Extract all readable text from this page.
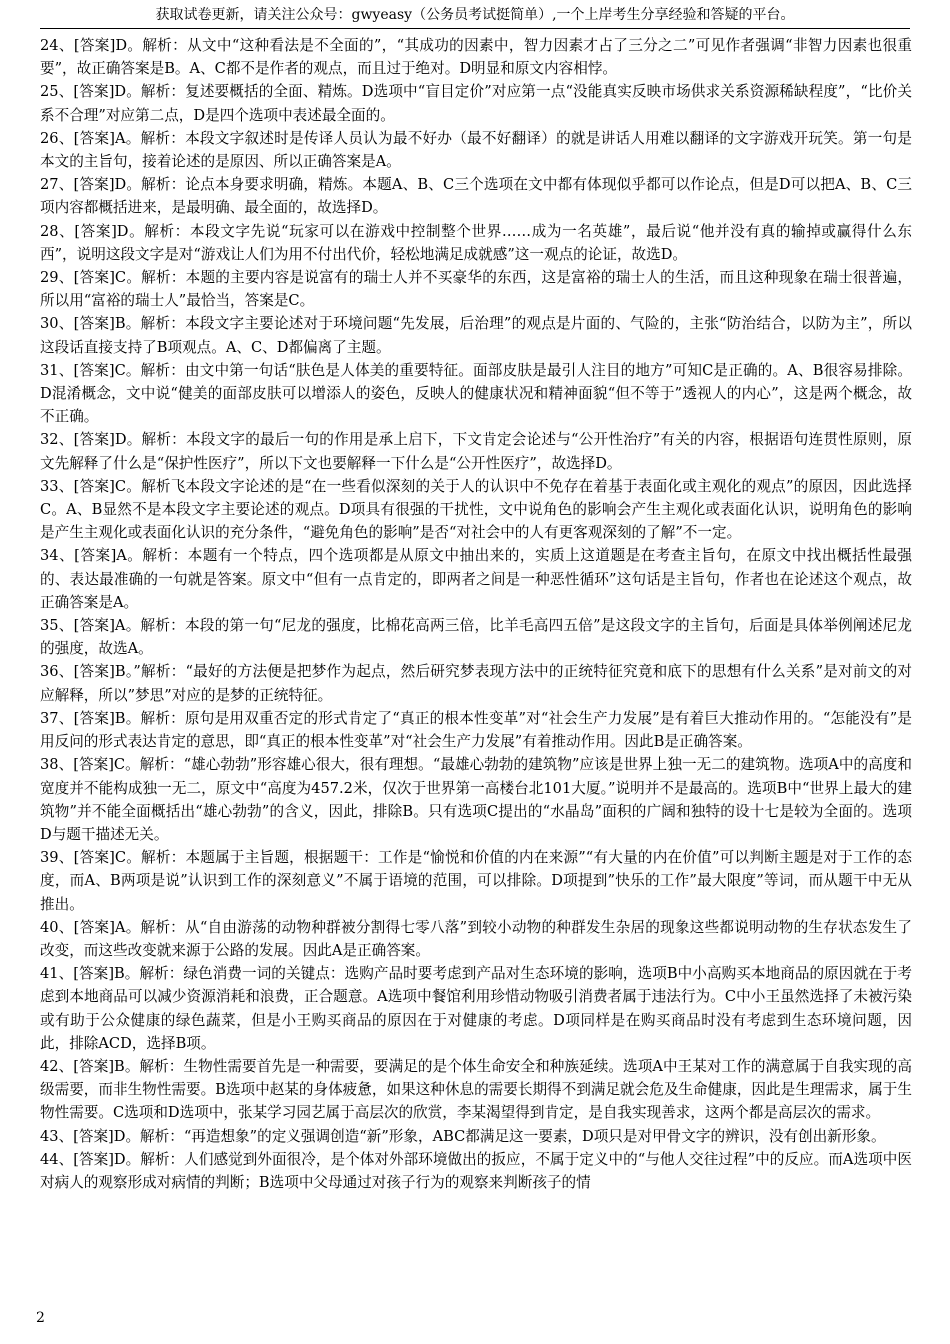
获取试卷更新，请关注公众号：gwyeasy（公务员考试挺简单）,一个上岸考生分享经验和答疑的平台。

24、[答案]D。解析：从文中“这种看法是不全面的”，“其成功的因素中，智力因素才占了三分之二”可见作者强调“非智力因素也很重要”，故正确答案是B。A、C都不是作者的观点，而且过于绝对。D明显和原文内容相悖。

25、[答案]D。解析：复述要概括的全面、精炼。D选项中“盲目定价”对应第一点“没能真实反映市场供求关系资源稀缺程度”，“比价关系不合理”对应第二点，D是四个选项中表述最全面的。

26、[答案]A。解析：本段文字叙述时是传译人员认为最不好办（最不好翻译）的就是讲话人用难以翻译的文字游戏开玩笑。第一句是本文的主旨句，接着论述的是原因、所以正确答案是A。

27、[答案]D。解析：论点本身要求明确，精炼。本题A、B、C三个选项在文中都有体现似乎都可以作论点，但是D可以把A、B、C三项内容都概括进来，是最明确、最全面的，故选择D。

28、[答案]D。解析：本段文字先说“玩家可以在游戏中控制整个世界……成为一名英雄”，最后说“他并没有真的输掉或赢得什么东西”，说明这段文字是对“游戏让人们为用不付出代价，轻松地满足成就感”这一观点的论证，故选D。

29、[答案]C。解析：本题的主要内容是说富有的瑞士人并不买豪华的东西，这是富裕的瑞士人的生活，而且这种现象在瑞士很普遍，所以用“富裕的瑞士人”最恰当，答案是C。

30、[答案]B。解析：本段文字主要论述对于环境问题“先发展，后治理”的观点是片面的、气险的，主张“防治结合，以防为主”，所以这段话直接支持了B项观点。A、C、D都偏离了主题。

31、[答案]C。解析：由文中第一句话“肤色是人体美的重要特征。面部皮肤是最引人注目的地方”可知C是正确的。A、B很容易排除。D混淆概念，文中说“健美的面部皮肤可以增添人的姿色，反映人的健康状况和精神面貌“但不等于”透视人的内心”，这是两个概念，故不正确。

32、[答案]D。解析：本段文字的最后一句的作用是承上启下，下文肯定会论述与“公开性治疗”有关的内容，根据语句连贯性原则，原文先解释了什么是“保护性医疗”，所以下文也要解释一下什么是“公开性医疗”，故选择D。

33、[答案]C。解析飞本段文字论述的是“在一些看似深刻的关于人的认识中不免存在着基于表面化或主观化的观点”的原因，因此选择C。A、B显然不是本段文字主要论述的观点。D项具有很强的干扰性，文中说角色的影响会产生主观化或表面化认识，说明角色的影响是产生主观化或表面化认识的充分条件，“避免角色的影响”是否“对社会中的人有更客观深刻的了解”不一定。

34、[答案]A。解析：本题有一个特点，四个选项都是从原文中抽出来的，实质上这道题是在考查主旨句，在原文中找出概括性最强的、表达最准确的一句就是答案。原文中“但有一点肯定的，即两者之间是一种恶性循环”这句话是主旨句，作者也在论述这个观点，故正确答案是A。

35、[答案]A。解析：本段的第一句“尼龙的强度，比棉花高两三倍，比羊毛高四五倍”是这段文字的主旨句，后面是具体举例阐述尼龙的强度，故选A。

36、[答案]B。”解析：“最好的方法便是把梦作为起点，然后研究梦表现方法中的正统特征究竟和底下的思想有什么关系”是对前文的对应解释，所以”梦思”对应的是梦的正统特征。

37、[答案]B。解析：原句是用双重否定的形式肯定了“真正的根本性变革”对“社会生产力发展”是有着巨大推动作用的。“怎能没有”是用反问的形式表达肯定的意思，即“真正的根本性变革”对“社会生产力发展”有着推动作用。因此B是正确答案。

38、[答案]C。解析：“雄心勃勃”形容雄心很大，很有理想。“最雄心勃勃的建筑物”应该是世界上独一无二的建筑物。选项A中的高度和宽度并不能构成独一无二，原文中“高度为457.2米，仅次于世界第一高楼台北101大厦。”说明并不是最高的。选项B中“世界上最大的建筑物”并不能全面概括出“雄心勃勃”的含义，因此，排除B。只有选项C提出的“水晶岛”面积的广阔和独特的设十七是较为全面的。选项D与题干描述无关。

39、[答案]C。解析：本题属于主旨题，根据题干：工作是“愉悦和价值的内在来源”“有大量的内在价值”可以判断主题是对于工作的态度，而A、B两项是说”认识到工作的深刻意义”不属于语境的范围，可以排除。D项提到”快乐的工作”最大限度”等词，而从题干中无从推出。

40、[答案]A。解析：从“自由游荡的动物种群被分割得七零八落”到较小动物的种群发生杂居的现象这些都说明动物的生存状态发生了改变，而这些改变就来源于公路的发展。因此A是正确答案。

41、[答案]B。解析：绿色消费一词的关键点：选购产品时要考虑到产品对生态环境的影响，选项B中小高购买本地商品的原因就在于考虑到本地商品可以减少资源消耗和浪费，正合题意。A选项中餐馆利用珍惜动物吸引消费者属于违法行为。C中小王虽然选择了未被污染或有助于公众健康的绿色蔬菜，但是小王购买商品的原因在于对健康的考虑。D项同样是在购买商品时没有考虑到生态环境问题，因此，排除ACD，选择B项。

42、[答案]B。解析：生物性需要首先是一种需要，要满足的是个体生命安全和种族延续。选项A中王某对工作的满意属于自我实现的高级需要，而非生物性需要。B选项中赵某的身体疲惫，如果这种休息的需要长期得不到满足就会危及生命健康，因此是生理需求，属于生物性需要。C选项和D选项中，张某学习园艺属于高层次的欣赏，李某渴望得到肯定，是自我实现善求，这两个都是高层次的需求。

43、[答案]D。解析：“再造想象”的定义强调创造“新”形象，ABC都满足这一要素，D项只是对甲骨文字的辨识，没有创出新形象。

44、[答案]D。解析：人们感觉到外面很冷，是个体对外部环境做出的扳应，不属于定义中的“与他人交往过程”中的反应。而A选项中医对病人的观察形成对病情的判断；B选项中父母通过对孩子行为的观察来判断孩子的情

2
